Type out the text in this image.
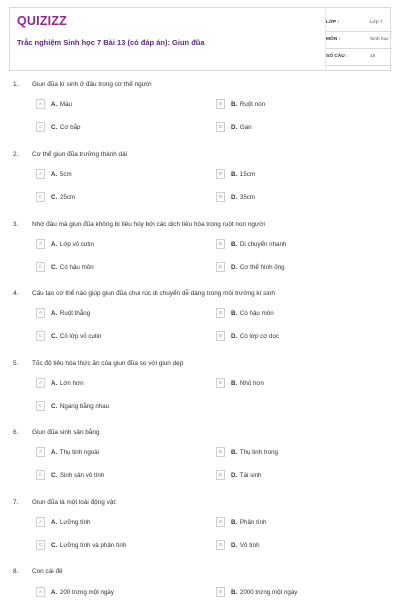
QUIZIZZ
Trắc nghiệm Sinh học 7 Bài 13 (có đáp án): Giun đũa
LỚP :	Lớp 7
MÔN :	Sinh học
SỐ CÂU :	15
1. Giun đũa kí sinh ở đâu trong cơ thể người
A	A. Máu	B	B. Ruột non
C	C. Cơ bắp	D	D. Gan
2. Cơ thể giun đũa trưởng thành dài
A	A. 5cm	B	B. 15cm
C	C. 25cm	D	D. 35cm
3. Nhờ đâu mà giun đũa không bị tiêu hủy bởi các dịch tiêu hóa trong ruột non người
A	A. Lớp vỏ cutin	B	B. Di chuyển nhanh
C	C. Có hậu môn	D	D. Cơ thể hình ống
4. Cấu tạo cơ thể nào giúp giun đũa chui rúc di chuyển dễ dàng trong môi trường kí sinh
A	A. Ruột thẳng	B	B. Có hậu môn
C	C. Có lớp vỏ cutin	D	D. Có lớp cơ dọc
5. Tốc độ tiêu hóa thức ăn của giun đũa so với giun dẹp
A	A. Lớn hơn	B	B. Nhỏ hơn
C	C. Ngang bằng nhau
6. Giun đũa sinh sản bằng
A	A. Thụ tinh ngoài	B	B. Thụ tinh trong
C	C. Sinh sản vô tính	D	D. Tái sinh
7. Giun đũa là một loài động vật:
A	A. Lưỡng tính	B	B. Phân tính
C	C. Lưỡng tính và phân tính	D	D. Vô tính
8. Con cái đẻ
A	A. 200 trứng một ngày	B	B. 2000 trứng một ngày
